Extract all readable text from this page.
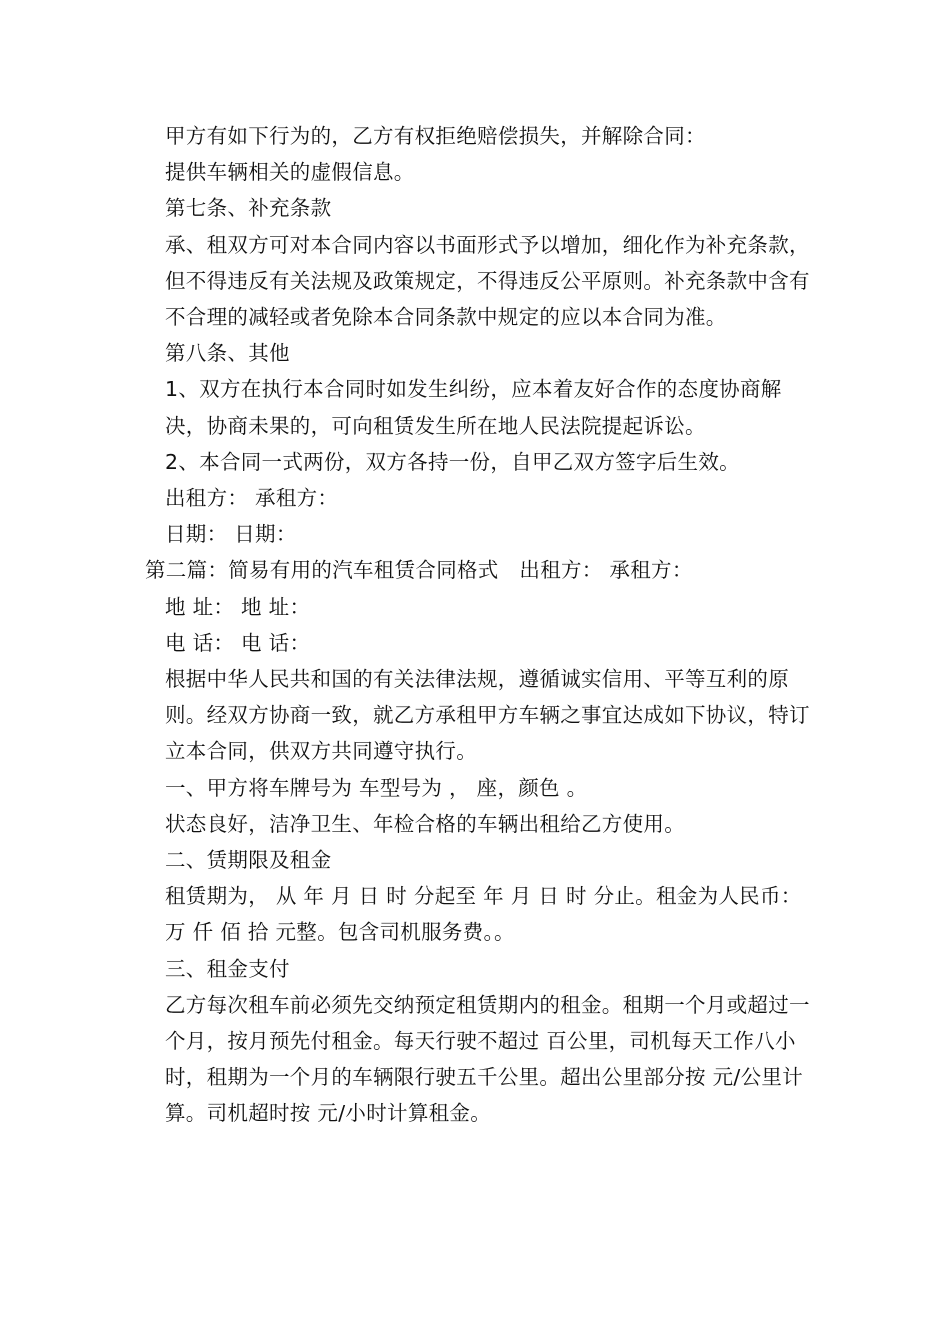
甲方有如下行为的，乙方有权拒绝赔偿损失，并解除合同：

提供车辆相关的虚假信息。

第七条、补充条款

承、租双方可对本合同内容以书面形式予以增加，细化作为补充条款，但不得违反有关法规及政策规定，不得违反公平原则。补充条款中含有不合理的减轻或者免除本合同条款中规定的应以本合同为准。

第八条、其他

1、双方在执行本合同时如发生纠纷，应本着友好合作的态度协商解决，协商未果的，可向租赁发生所在地人民法院提起诉讼。

2、本合同一式两份，双方各持一份，自甲乙双方签字后生效。

出租方： 承租方：

日期： 日期：

第二篇：简易有用的汽车租赁合同格式　出租方： 承租方：

地 址： 地 址：

电 话： 电 话：

根据中华人民共和国的有关法律法规，遵循诚实信用、平等互利的原则。经双方协商一致，就乙方承租甲方车辆之事宜达成如下协议，特订立本合同，供双方共同遵守执行。

一、甲方将车牌号为 车型号为 ， 座，颜色 。

状态良好，洁净卫生、年检合格的车辆出租给乙方使用。

二、赁期限及租金

租赁期为， 从 年 月 日 时 分起至 年 月 日 时 分止。租金为人民币： 万 仟 佰 拾 元整。包含司机服务费。。

三、租金支付

乙方每次租车前必须先交纳预定租赁期内的租金。租期一个月或超过一个月，按月预先付租金。每天行驶不超过 百公里，司机每天工作八小时，租期为一个月的车辆限行驶五千公里。超出公里部分按 元/公里计算。司机超时按 元/小时计算租金。
